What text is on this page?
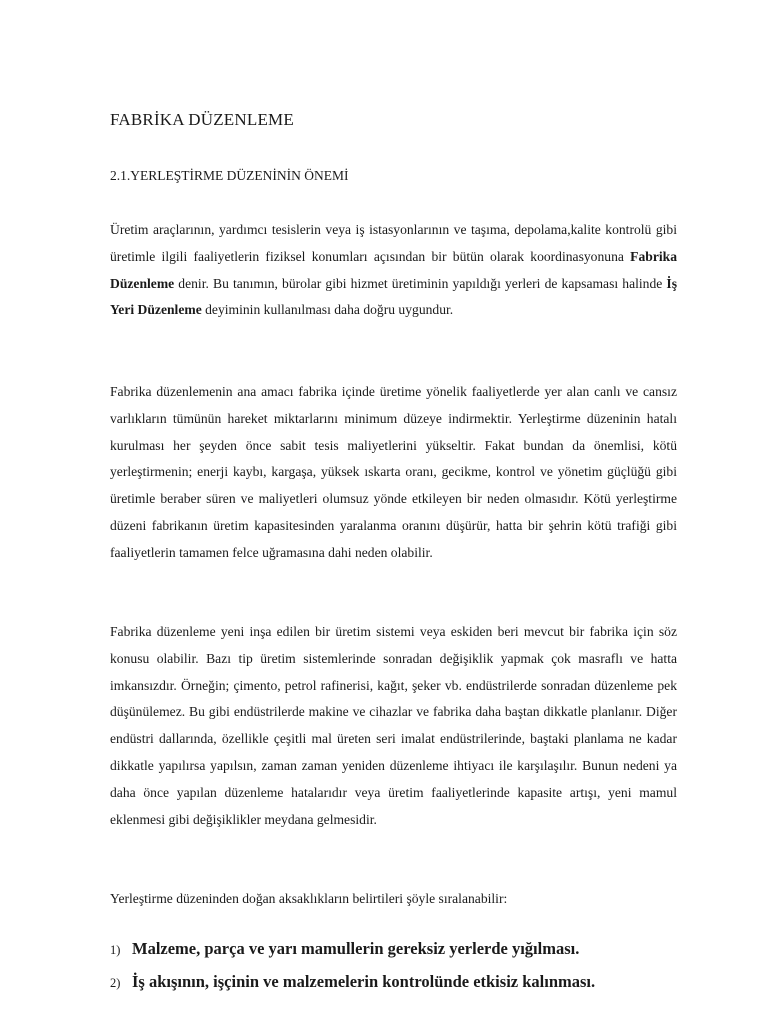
FABRİKA DÜZENLEME
2.1.YERLEŞTİRME DÜZENİNİN ÖNEMİ

Üretim araçlarının, yardımcı tesislerin veya iş istasyonlarının ve taşıma, depolama,kalite kontrolü gibi üretimle ilgili faaliyetlerin fiziksel konumları açısından bir bütün olarak koordinasyonuna Fabrika Düzenleme denir. Bu tanımın, bürolar gibi hizmet üretiminin yapıldığı yerleri de kapsaması halinde İş Yeri Düzenleme deyiminin kullanılması daha doğru uygundur.

Fabrika düzenlemenin ana amacı fabrika içinde üretime yönelik faaliyetlerde yer alan canlı ve cansız varlıkların tümünün hareket miktarlarını minimum düzeye indirmektir. Yerleştirme düzeninin hatalı kurulması her şeyden önce sabit tesis maliyetlerini yükseltir. Fakat bundan da önemlisi, kötü yerleştirmenin; enerji kaybı, kargaşa, yüksek ıskarta oranı, gecikme, kontrol ve yönetim güçlüğü gibi üretimle beraber süren ve maliyetleri olumsuz yönde etkileyen bir neden olmasıdır. Kötü yerleştirme düzeni fabrikanın üretim kapasitesinden yaralanma oranını düşürür, hatta bir şehrin kötü trafiği gibi faaliyetlerin tamamen felce uğramasına dahi neden olabilir.

Fabrika düzenleme yeni inşa edilen bir üretim sistemi veya eskiden beri mevcut bir fabrika için söz konusu olabilir. Bazı tip üretim sistemlerinde sonradan değişiklik yapmak çok masraflı ve hatta imkansızdır. Örneğin; çimento, petrol rafinerisi, kağıt, şeker vb. endüstrilerde sonradan düzenleme pek düşünülemez. Bu gibi endüstrilerde makine ve cihazlar ve fabrika daha baştan dikkatle planlanır. Diğer endüstri dallarında, özellikle çeşitli mal üreten seri imalat endüstrilerinde, baştaki planlama ne kadar dikkatle yapılırsa yapılsın, zaman zaman yeniden düzenleme ihtiyacı ile karşılaşılır. Bunun nedeni ya daha önce yapılan düzenleme hatalarıdır veya üretim faaliyetlerinde kapasite artışı, yeni mamul eklenmesi gibi değişiklikler meydana gelmesidir.

Yerleştirme düzeninden doğan aksaklıkların belirtileri şöyle sıralanabilir:

1) Malzeme, parça ve yarı mamullerin gereksiz yerlerde yığılması.
2) İş akışının, işçinin ve malzemelerin kontrolünde etkisiz kalınması.
